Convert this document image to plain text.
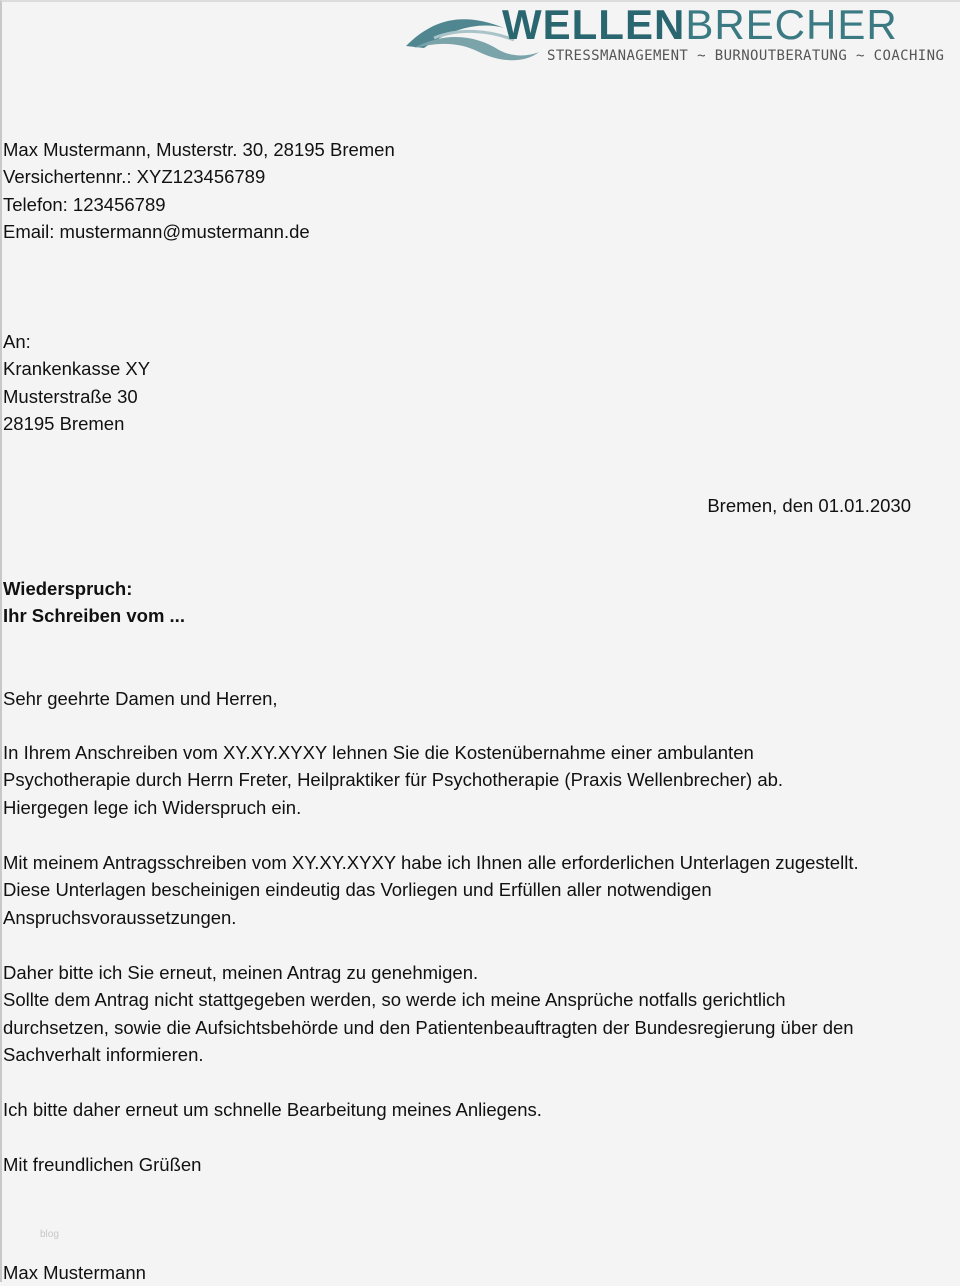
WELLENBRECHER
STRESSMANAGEMENT ~ BURNOUTBERATUNG ~ COACHING
Max Mustermann, Musterstr. 30, 28195 Bremen
Versichertennr.: XYZ123456789
Telefon: 123456789
Email: mustermann@mustermann.de
An:
Krankenkasse XY
Musterstraße 30
28195 Bremen
Bremen, den 01.01.2030
Wiederspruch:
Ihr Schreiben vom ...
Sehr geehrte Damen und Herren,
In Ihrem Anschreiben vom XY.XY.XYXY lehnen Sie die Kostenübernahme einer ambulanten
Psychotherapie durch Herrn Freter, Heilpraktiker für Psychotherapie (Praxis Wellenbrecher) ab.
Hiergegen lege ich Widerspruch ein.
Mit meinem Antragsschreiben vom XY.XY.XYXY habe ich Ihnen alle erforderlichen Unterlagen zugestellt.
Diese Unterlagen bescheinigen eindeutig das Vorliegen und Erfüllen aller notwendigen
Anspruchsvoraussetzungen.
Daher bitte ich Sie erneut, meinen Antrag zu genehmigen.
Sollte dem Antrag nicht stattgegeben werden, so werde ich meine Ansprüche notfalls gerichtlich
durchsetzen, sowie die Aufsichtsbehörde und den Patientenbeauftragten der Bundesregierung über den
Sachverhalt informieren.
Ich bitte daher erneut um schnelle Bearbeitung meines Anliegens.
Mit freundlichen Grüßen
blog
Max Mustermann
